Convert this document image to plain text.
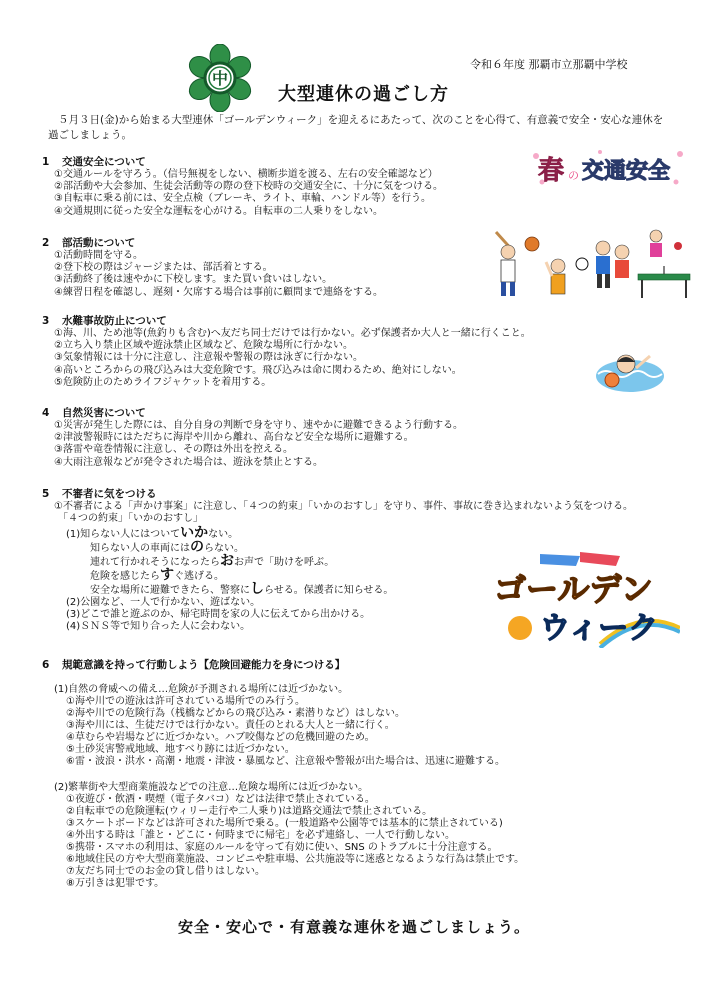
中
令和６年度 那覇市立那覇中学校
大型連休の過ごし方
５月３日(金)から始まる大型連休「ゴールデンウィーク」を迎えるにあたって、次のことを心得て、有意義で安全・安心な連休を過ごしましょう。
1 交通安全について
①交通ルールを守ろう。（信号無視をしない、横断歩道を渡る、左右の安全確認など）
②部活動や大会参加、生徒会活動等の際の登下校時の交通安全に、十分に気をつける。
③自転車に乗る前には、安全点検（ブレーキ、ライト、車輪、ハンドル等）を行う。
④交通規則に従った安全な運転を心がける。自転車の二人乗りをしない。
春 の 交通安全
2 部活動について
①活動時間を守る。
②登下校の際はジャージまたは、部活着とする。
③活動終了後は速やかに下校します。また買い食いはしない。
④練習日程を確認し、遅刻・欠席する場合は事前に顧問まで連絡をする。
3 水難事故防止について
①海、川、ため池等(魚釣りも含む)へ友だち同士だけでは行かない。必ず保護者か大人と一緒に行くこと。
②立ち入り禁止区域や遊泳禁止区域など、危険な場所に行かない。
③気象情報には十分に注意し、注意報や警報の際は泳ぎに行かない。
④高いところからの飛び込みは大変危険です。飛び込みは命に関わるため、絶対にしない。
⑤危険防止のためライフジャケットを着用する。
4 自然災害について
①災害が発生した際には、自分自身の判断で身を守り、速やかに避難できるよう行動する。
②津波警報時にはただちに海岸や川から離れ、高台など安全な場所に避難する。
③落雷や竜巻情報に注意し、その際は外出を控える。
④大雨注意報などが発令された場合は、遊泳を禁止とする。
5 不審者に気をつける
①不審者による「声かけ事案」に注意し、「４つの約束」「いかのおすし」を守り、事件、事故に巻き込まれないよう気をつける。
「４つの約束」「いかのおすし」
(1)知らない人にはついていかない。
知らない人の車両にはのらない。
連れて行かれそうになったらおお声で「助けを呼ぶ。
危険を感じたらすぐ逃げる。
安全な場所に避難できたら、警察にしらせる。保護者に知らせる。
(2)公園など、一人で行かない、遊ばない。
(3)どこで誰と遊ぶのか、帰宅時間を家の人に伝えてから出かける。
(4)ＳＮＳ等で知り合った人に会わない。
ゴールデン
ウィーク
6 規範意識を持って行動しよう【危険回避能力を身につける】
(1)自然の脅威への備え…危険が予測される場所には近づかない。
①海や川での遊泳は許可されている場所でのみ行う。
②海や川での危険行為（桟橋などからの飛び込み・素潜りなど）はしない。
③海や川には、生徒だけでは行かない。責任のとれる大人と一緒に行く。
④草むらや岩場などに近づかない。ハブ咬傷などの危機回避のため。
⑤土砂災害警戒地域、地すべり跡には近づかない。
⑥雷・波浪・洪水・高潮・地震・津波・暴風など、注意報や警報が出た場合は、迅速に避難する。
(2)繁華街や大型商業施設などでの注意…危険な場所には近づかない。
①夜遊び・飲酒・喫煙（電子タバコ）などは法律で禁止されている。
②自転車での危険運転(ウィリー走行や二人乗り)は道路交通法で禁止されている。
③スケートボードなどは許可された場所で乗る。(一般道路や公園等では基本的に禁止されている)
④外出する時は「誰と・どこに・何時までに帰宅」を必ず連絡し、一人で行動しない。
⑤携帯・スマホの利用は、家庭のルールを守って有効に使い、SNS のトラブルに十分注意する。
⑥地域住民の方や大型商業施設、コンビニや駐車場、公共施設等に迷惑となるような行為は禁止です。
⑦友だち同士でのお金の貸し借りはしない。
⑧万引きは犯罪です。
安全・安心で・有意義な連休を過ごしましょう。
